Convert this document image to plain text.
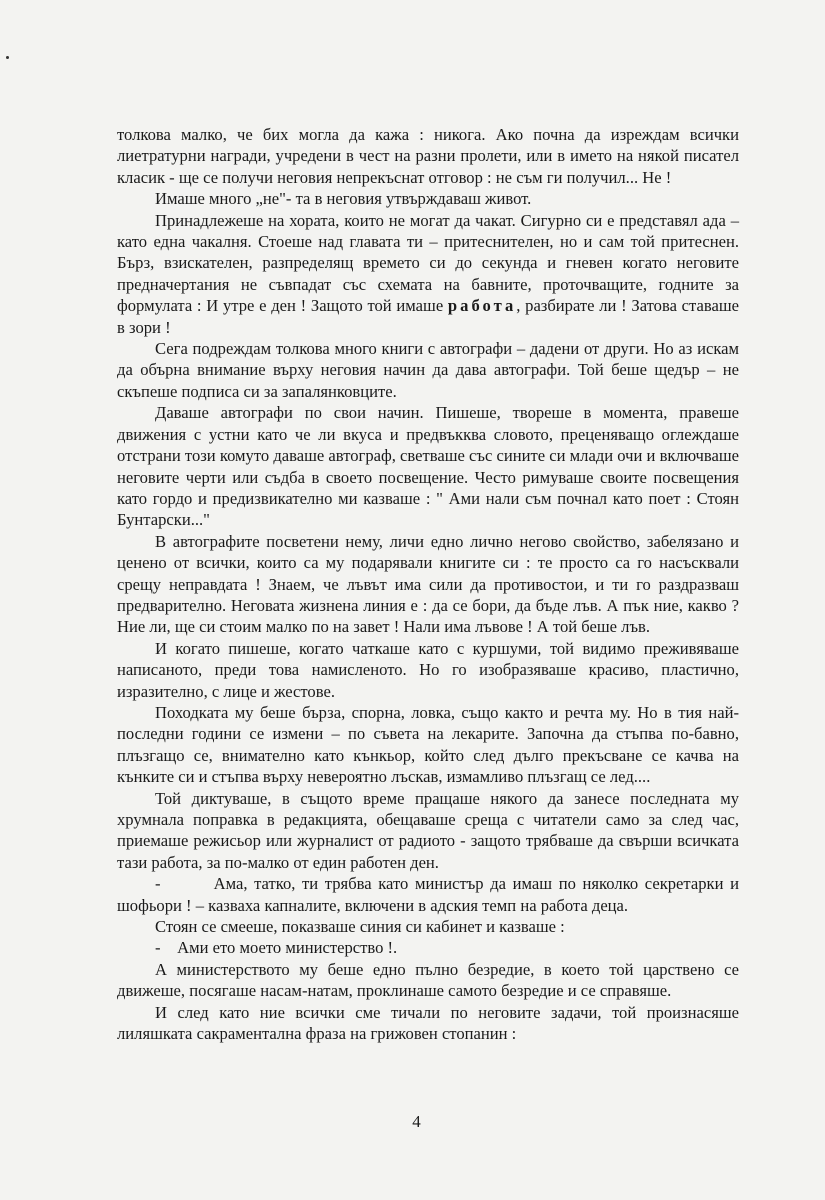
толкова малко, че бих могла да кажа : никога. Ако почна да изреждам всички лиетратурни награди, учредени в чест на разни пролети, или в името на някой писател класик - ще се получи неговия непрекъснат отговор : не съм ги получил... Не !

Имаше много „не"- та в неговия утвърждаваш живот.

Принадлежеше на хората, които не могат да чакат. Сигурно си е представял ада – като една чакалня. Стоеше над главата ти – притеснителен, но и сам той притеснен. Бърз, взискателен, разпределящ времето си до секунда и гневен когато неговите предначертания не съвпадат със схемата на бавните, проточващите, годните за формулата : И утре е ден ! Защото той имаше работа, разбирате ли ! Затова ставаше в зори !

Сега подреждам толкова много книги с автографи – дадени от други. Но аз искам да обърна внимание върху неговия начин да дава автографи. Той беше щедър – не скъпеше подписа си за запалянковците.

Даваше автографи по свои начин. Пишеше, твореше в момента, правеше движения с устни като че ли вкуса и предвъкква словото, преценяващо оглеждаше отстрани този комуто даваше автограф, светваше със сините си млади очи и включваше неговите черти или съдба в своето посвещение. Често римуваше своите посвещения като гордо и предизвикателно ми казваше : " Ами нали съм почнал като поет : Стоян Бунтарски..."

В автографите посветени нему, личи едно лично негово свойство, забелязано и ценено от всички, които са му подарявали книгите си : те просто са го насъсквали срещу неправдата ! Знаем, че лъвът има сили да противостои, и ти го раздразваш предварително. Неговата жизнена линия е : да се бори, да бъде лъв. А пък ние, какво ? Ние ли, ще си стоим малко по на завет ! Нали има лъвове ! А той беше лъв.

И когато пишеше, когато чаткаше като с куршуми, той видимо преживяваше написаното, преди това намисленото. Но го изобразяваше красиво, пластично, изразително, с лице и жестове.

Походката му беше бърза, спорна, ловка, също както и речта му. Но в тия най-последни години се измени – по съвета на лекарите. Започна да стъпва по-бавно, плъзгащо се, внимателно като кънкьор, който след дълго прекъсване се качва на кънките си и стъпва върху невероятно лъскав, измамливо плъзгащ се лед....

Той диктуваше, в същото време пращаше някого да занесе последната му хрумнала поправка в редакцията, обещаваше среща с читатели само за след час, приемаше режисьор или журналист от радиото - защото трябваше да свърши всичката тази работа, за по-малко от един работен ден.

-        Ама, татко, ти трябва като министър да имаш по няколко секретарки и шофьори ! – казваха капналите, включени в адския темп на работа деца.

Стоян се смееше, показваше синия си кабинет и казваше :

-    Ами ето моето министерство !.

А министерството му беше едно пълно безредие, в което той царствено се движеше, посягаше насам-натам, проклинаше самото безредие и се справяше.

И след като ние всички сме тичали по неговите задачи, той произнасяше лиляшката сакраментална фраза на грижовен стопанин :

4
